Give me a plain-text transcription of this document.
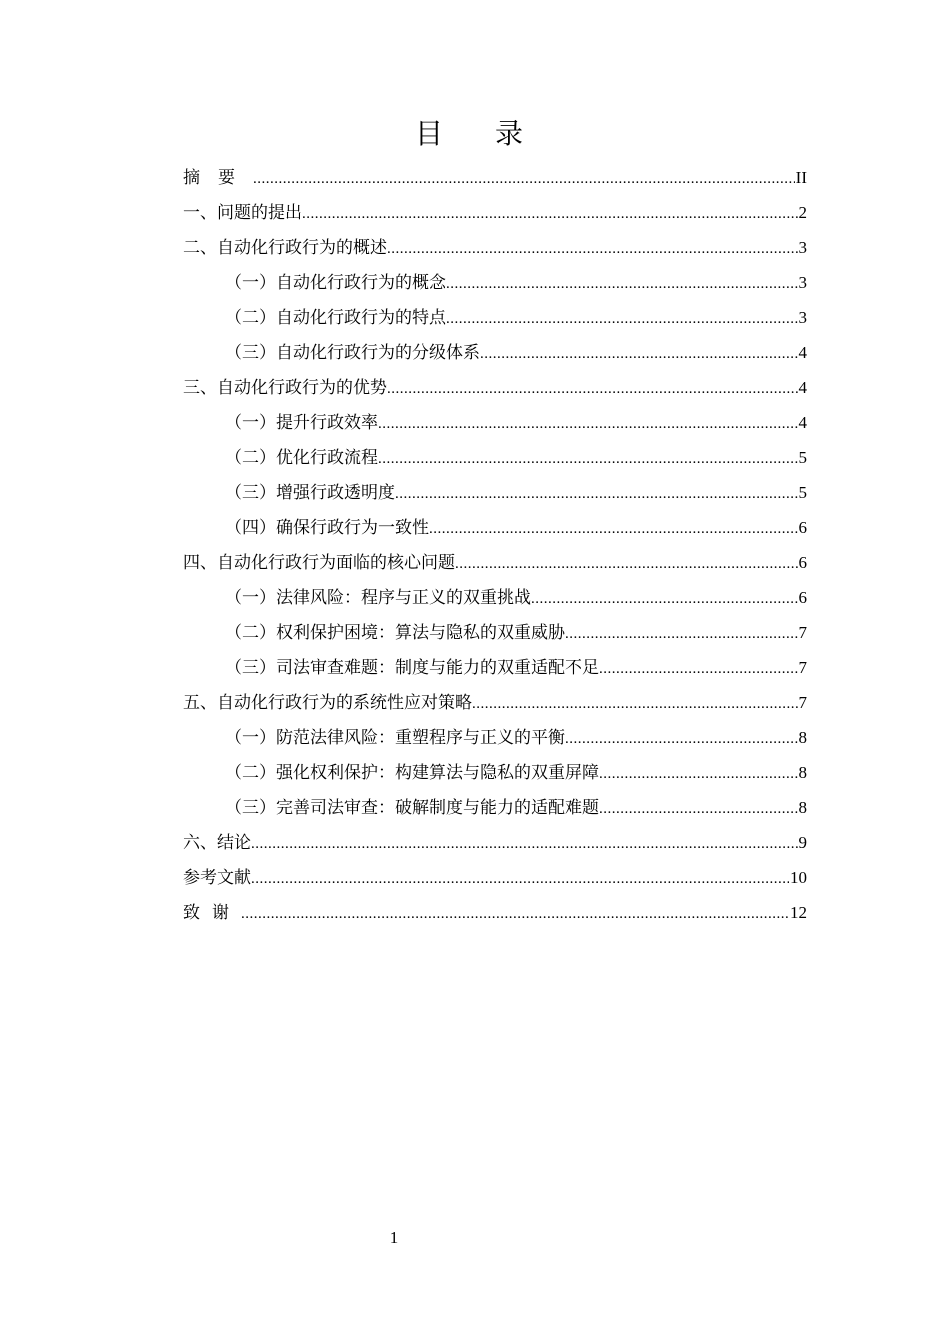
目录
摘要 .....	II
一、问题的提出 .....	2
二、自动化行政行为的概述 .....	3
（一）自动化行政行为的概念 .....	3
（二）自动化行政行为的特点 .....	3
（三）自动化行政行为的分级体系 .....	4
三、自动化行政行为的优势 .....	4
（一）提升行政效率 .....	4
（二）优化行政流程 .....	5
（三）增强行政透明度 .....	5
（四）确保行政行为一致性 .....	6
四、自动化行政行为面临的核心问题 .....	6
（一）法律风险：程序与正义的双重挑战 .....	6
（二）权利保护困境：算法与隐私的双重威胁 .....	7
（三）司法审查难题：制度与能力的双重适配不足 .....	7
五、自动化行政行为的系统性应对策略 .....	7
（一）防范法律风险：重塑程序与正义的平衡 .....	8
（二）强化权利保护：构建算法与隐私的双重屏障 .....	8
（三）完善司法审查：破解制度与能力的适配难题 .....	8
六、结论 .....	9
参考文献 .....	10
致谢 .....	12
1
